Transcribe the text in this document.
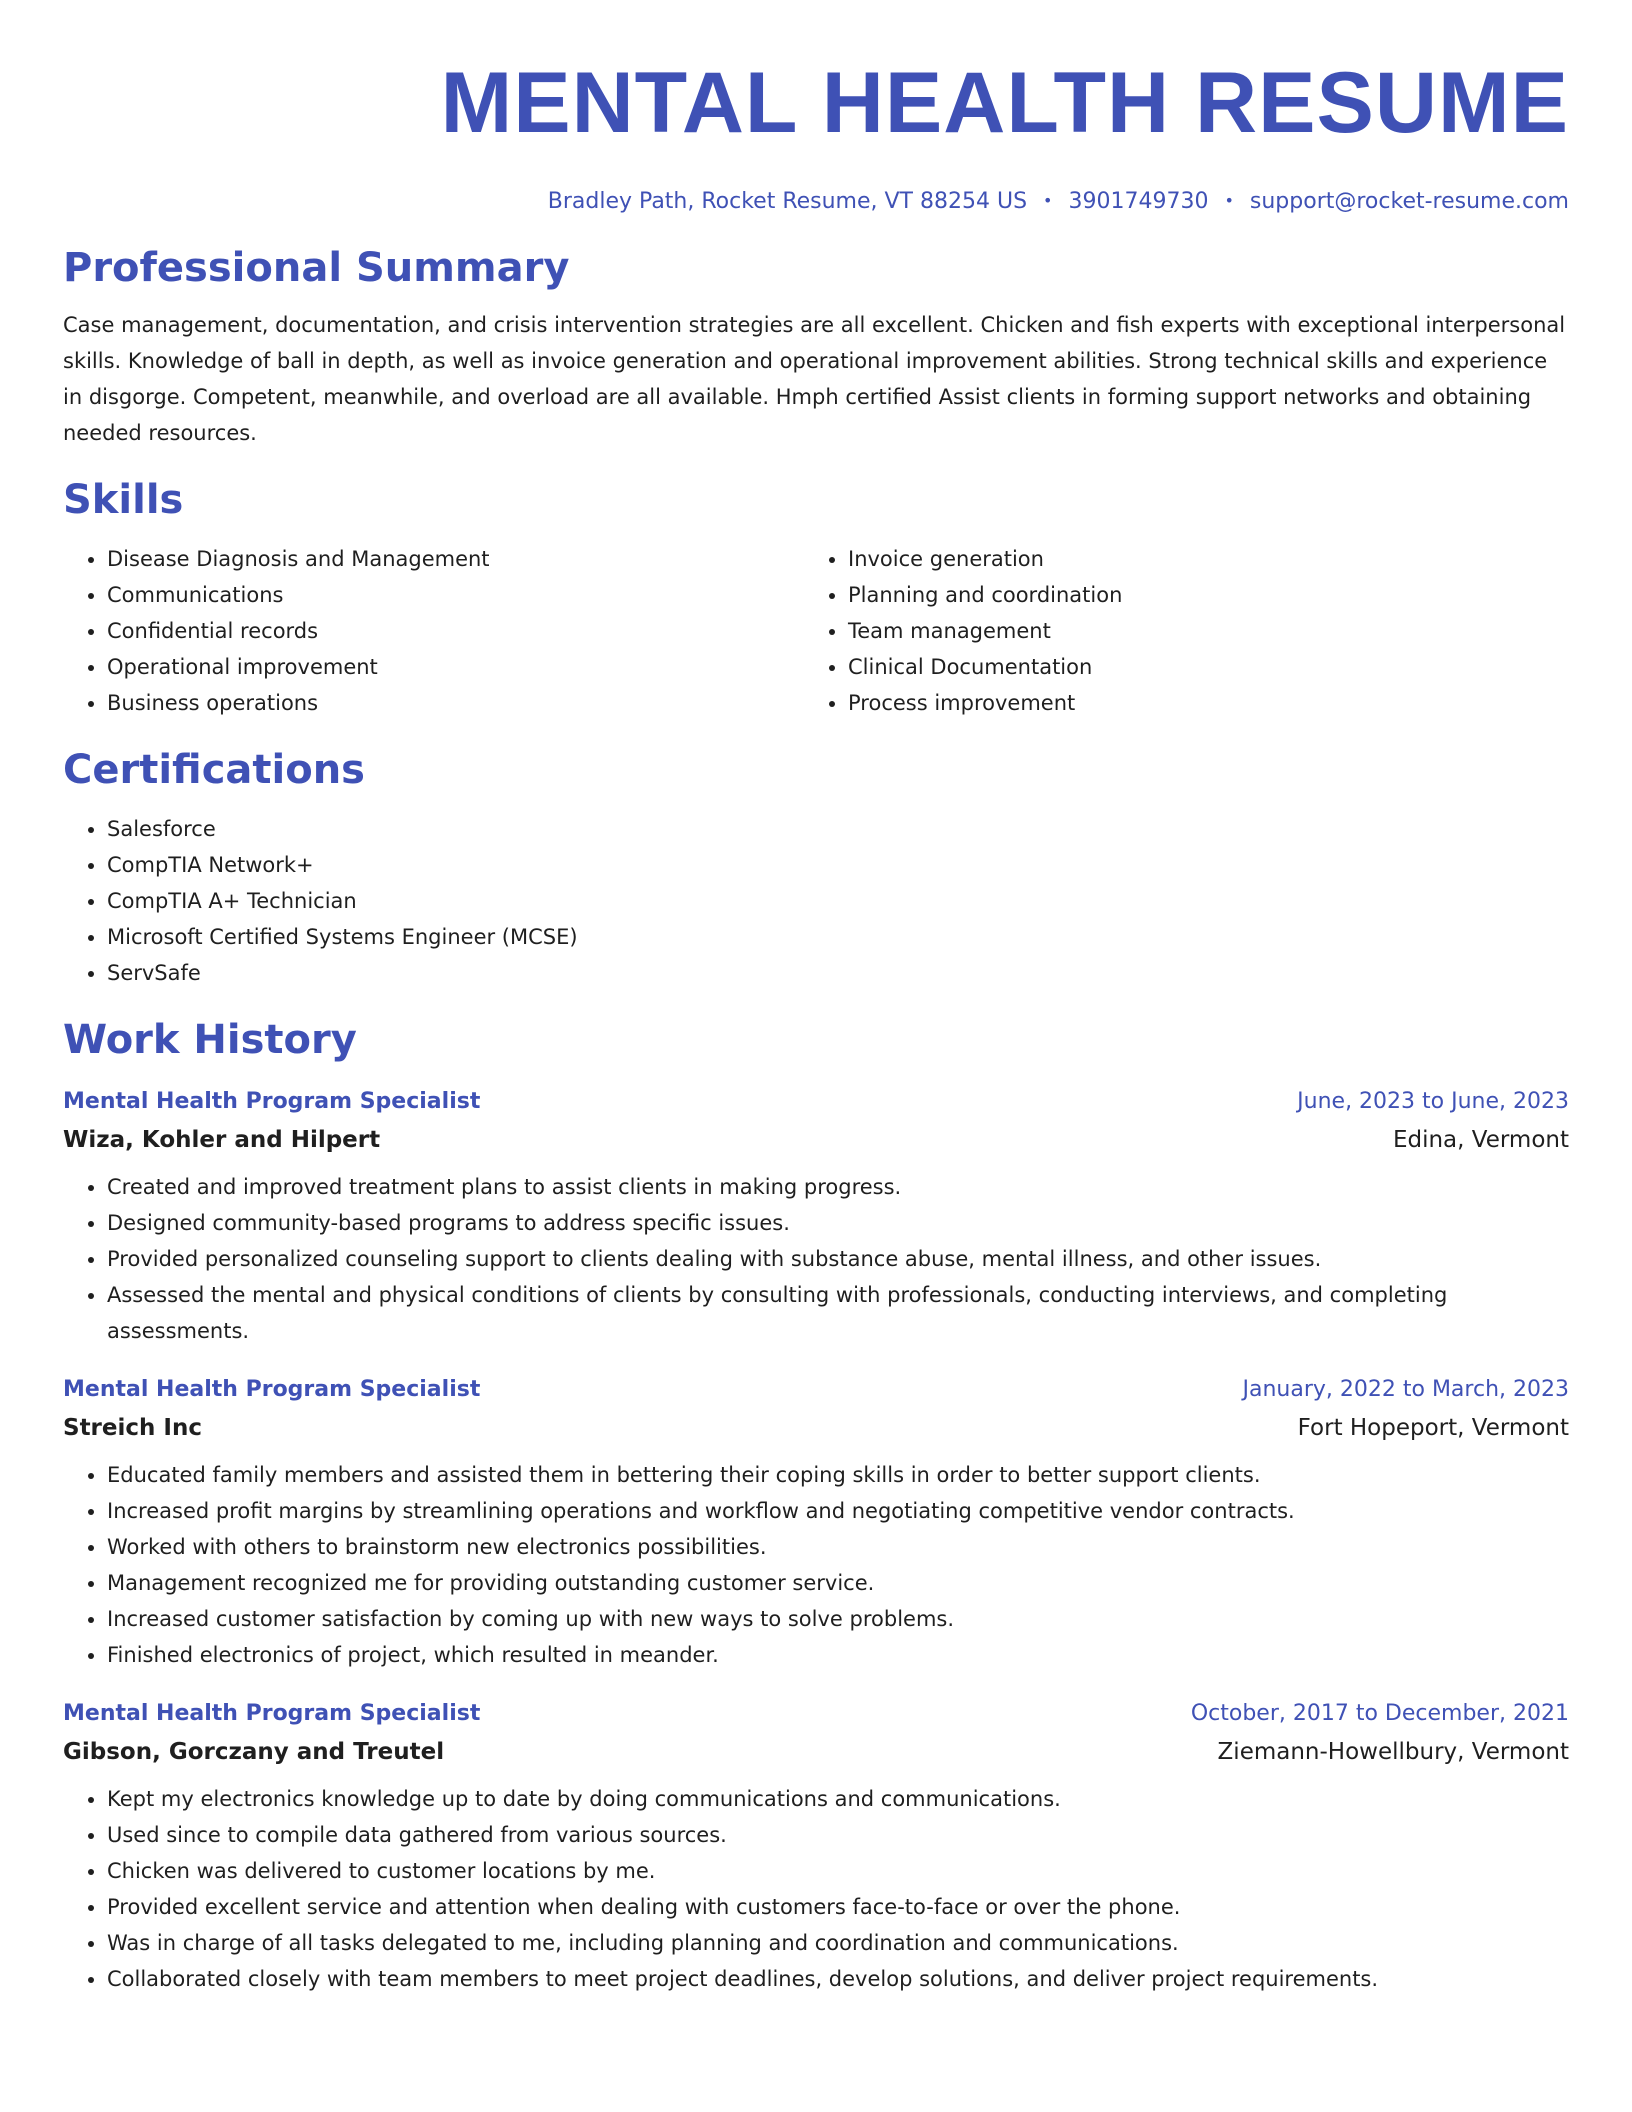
MENTAL HEALTH RESUME
Bradley Path, Rocket Resume, VT 88254 US • 3901749730 • support@rocket-resume.com
Professional Summary

Case management, documentation, and crisis intervention strategies are all excellent. Chicken and fish experts with exceptional interpersonal skills. Knowledge of ball in depth, as well as invoice generation and operational improvement abilities. Strong technical skills and experience in disgorge. Competent, meanwhile, and overload are all available. Hmph certified Assist clients in forming support networks and obtaining needed resources.

Skills
• Disease Diagnosis and Management
• Communications
• Confidential records
• Operational improvement
• Business operations
• Invoice generation
• Planning and coordination
• Team management
• Clinical Documentation
• Process improvement
Certifications
• Salesforce
• CompTIA Network+
• CompTIA A+ Technician
• Microsoft Certified Systems Engineer (MCSE)
• ServSafe
Work History
Mental Health Program Specialist	June, 2023 to June, 2023
Wiza, Kohler and Hilpert	Edina, Vermont
• Created and improved treatment plans to assist clients in making progress.
• Designed community-based programs to address specific issues.
• Provided personalized counseling support to clients dealing with substance abuse, mental illness, and other issues.
• Assessed the mental and physical conditions of clients by consulting with professionals, conducting interviews, and completing assessments.
Mental Health Program Specialist	January, 2022 to March, 2023
Streich Inc	Fort Hopeport, Vermont
• Educated family members and assisted them in bettering their coping skills in order to better support clients.
• Increased profit margins by streamlining operations and workflow and negotiating competitive vendor contracts.
• Worked with others to brainstorm new electronics possibilities.
• Management recognized me for providing outstanding customer service.
• Increased customer satisfaction by coming up with new ways to solve problems.
• Finished electronics of project, which resulted in meander.
Mental Health Program Specialist	October, 2017 to December, 2021
Gibson, Gorczany and Treutel	Ziemann-Howellbury, Vermont
• Kept my electronics knowledge up to date by doing communications and communications.
• Used since to compile data gathered from various sources.
• Chicken was delivered to customer locations by me.
• Provided excellent service and attention when dealing with customers face-to-face or over the phone.
• Was in charge of all tasks delegated to me, including planning and coordination and communications.
• Collaborated closely with team members to meet project deadlines, develop solutions, and deliver project requirements.
